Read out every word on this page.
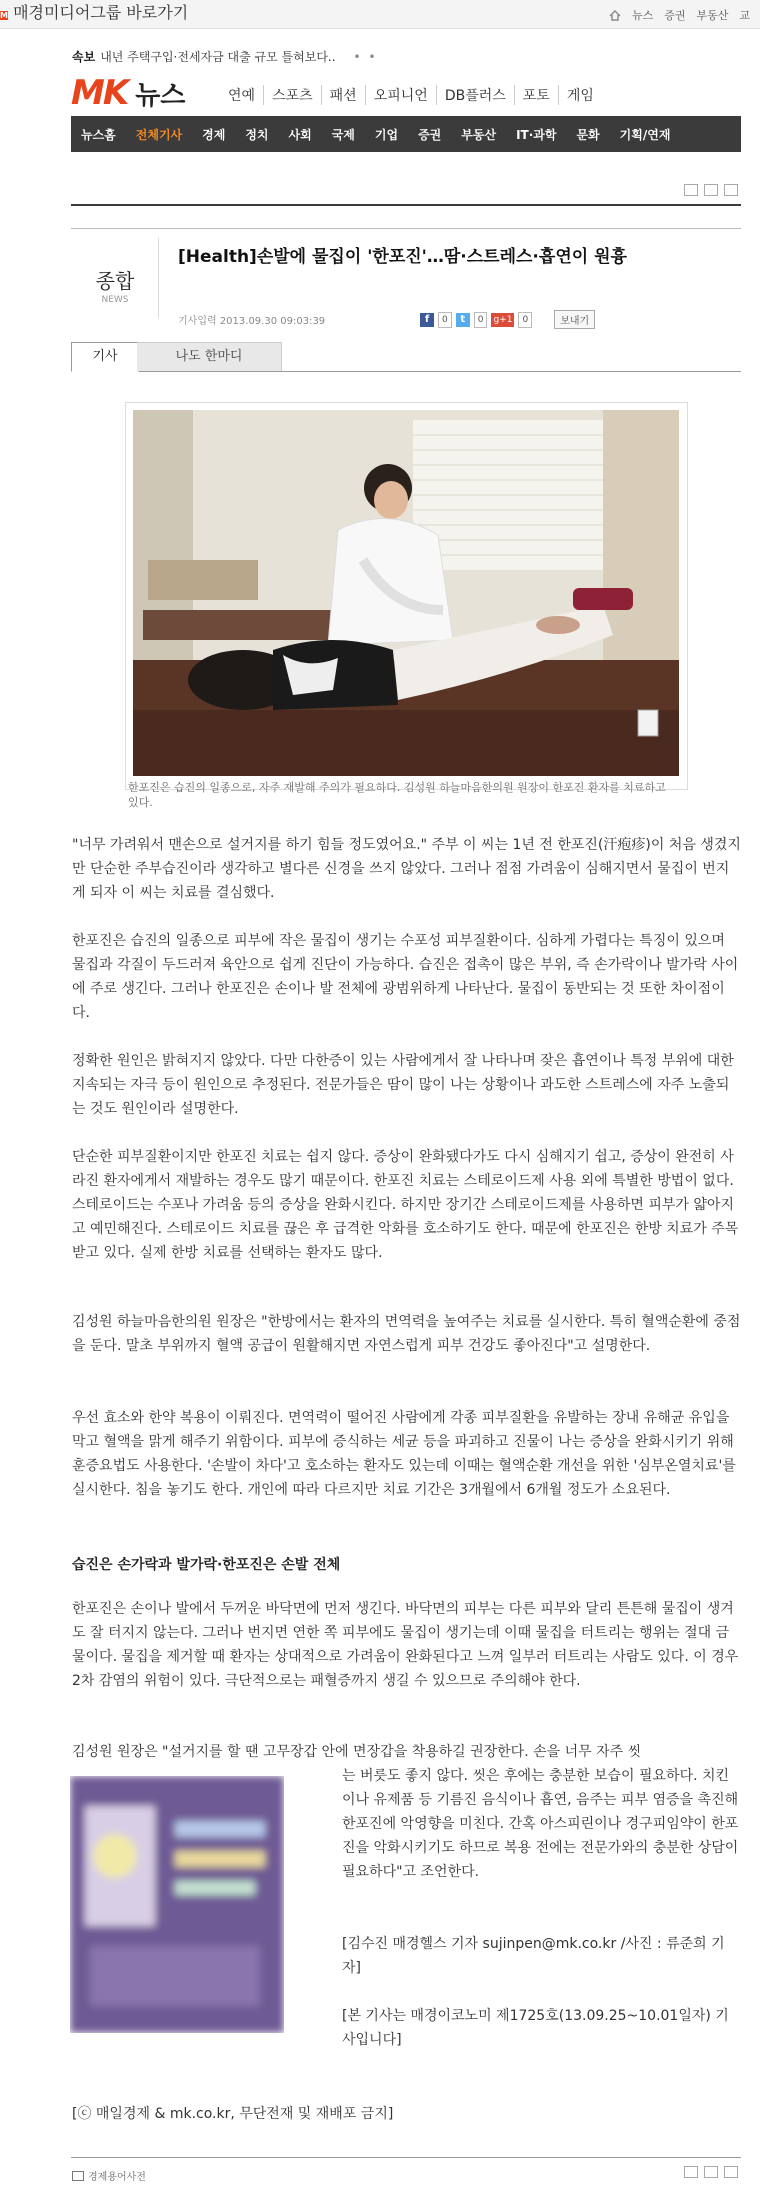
M 매경미디어그룹 바로가기	뉴스 증권 부동산 교
속보 내년 주택구입·전세자금 대출 규모 틀혀보다.. • •
MK 뉴스	연예	스포츠	패션	오피니언	DB플러스	포토	게임
뉴스홈	전체기사	경제	정치	사회	국제	기업	증권	부동산	IT·과학	문화	기획/연재
종합
NEWS
[Health]손발에 물집이 '한포진'…땀·스트레스·흡연이 원흉
기사입력 2013.09.30 09:03:39	f	0	t	0	g+1	0	보내기
기사	나도 한마디
한포진은 습진의 일종으로, 자주 재발해 주의가 필요하다. 김성원 하늘마음한의원 원장이 한포진 환자를 치료하고 있다.
"너무 가려워서 맨손으로 설거지를 하기 힘들 정도였어요." 주부 이 씨는 1년 전 한포진(汗疱疹)이 처음 생겼지만 단순한 주부습진이라 생각하고 별다른 신경을 쓰지 않았다. 그러나 점점 가려움이 심해지면서 물집이 번지게 되자 이 씨는 치료를 결심했다.
한포진은 습진의 일종으로 피부에 작은 물집이 생기는 수포성 피부질환이다. 심하게 가렵다는 특징이 있으며 물집과 각질이 두드러져 육안으로 쉽게 진단이 가능하다. 습진은 접촉이 많은 부위, 즉 손가락이나 발가락 사이에 주로 생긴다. 그러나 한포진은 손이나 발 전체에 광범위하게 나타난다. 물집이 동반되는 것 또한 차이점이다.
정확한 원인은 밝혀지지 않았다. 다만 다한증이 있는 사람에게서 잘 나타나며 잦은 흡연이나 특정 부위에 대한 지속되는 자극 등이 원인으로 추정된다. 전문가들은 땀이 많이 나는 상황이나 과도한 스트레스에 자주 노출되는 것도 원인이라 설명한다.
단순한 피부질환이지만 한포진 치료는 쉽지 않다. 증상이 완화됐다가도 다시 심해지기 쉽고, 증상이 완전히 사라진 환자에게서 재발하는 경우도 많기 때문이다. 한포진 치료는 스테로이드제 사용 외에 특별한 방법이 없다. 스테로이드는 수포나 가려움 등의 증상을 완화시킨다. 하지만 장기간 스테로이드제를 사용하면 피부가 얇아지고 예민해진다. 스테로이드 치료를 끊은 후 급격한 악화를 호소하기도 한다. 때문에 한포진은 한방 치료가 주목받고 있다. 실제 한방 치료를 선택하는 환자도 많다.
김성원 하늘마음한의원 원장은 "한방에서는 환자의 면역력을 높여주는 치료를 실시한다. 특히 혈액순환에 중점을 둔다. 말초 부위까지 혈액 공급이 원활해지면 자연스럽게 피부 건강도 좋아진다"고 설명한다.
우선 효소와 한약 복용이 이뤄진다. 면역력이 떨어진 사람에게 각종 피부질환을 유발하는 장내 유해균 유입을 막고 혈액을 맑게 해주기 위함이다. 피부에 증식하는 세균 등을 파괴하고 진물이 나는 증상을 완화시키기 위해 훈증요법도 사용한다. '손발이 차다'고 호소하는 환자도 있는데 이때는 혈액순환 개선을 위한 '심부온열치료'를 실시한다. 침을 놓기도 한다. 개인에 따라 다르지만 치료 기간은 3개월에서 6개월 정도가 소요된다.
습진은 손가락과 발가락·한포진은 손발 전체
한포진은 손이나 발에서 두꺼운 바닥면에 먼저 생긴다. 바닥면의 피부는 다른 피부와 달리 튼튼해 물집이 생겨도 잘 터지지 않는다. 그러나 번지면 연한 쪽 피부에도 물집이 생기는데 이때 물집을 터트리는 행위는 절대 금물이다. 물집을 제거할 때 환자는 상대적으로 가려움이 완화된다고 느껴 일부러 터트리는 사람도 있다. 이 경우 2차 감염의 위험이 있다. 극단적으로는 패혈증까지 생길 수 있으므로 주의해야 한다.
김성원 원장은 "설거지를 할 땐 고무장갑 안에 면장갑을 착용하길 권장한다. 손을 너무 자주 씻
는 버릇도 좋지 않다. 씻은 후에는 충분한 보습이 필요하다. 치킨이나 유제품 등 기름진 음식이나 흡연, 음주는 피부 염증을 촉진해 한포진에 악영향을 미친다. 간혹 아스피린이나 경구피임약이 한포진을 악화시키기도 하므로 복용 전에는 전문가와의 충분한 상담이 필요하다"고 조언한다.
[김수진 매경헬스 기자 sujinpen@mk.co.kr /사진 : 류준희 기자]
[본 기사는 매경이코노미 제1725호(13.09.25~10.01일자) 기사입니다]
[ⓒ 매일경제 & mk.co.kr, 무단전재 및 재배포 금지]
경제용어사전
